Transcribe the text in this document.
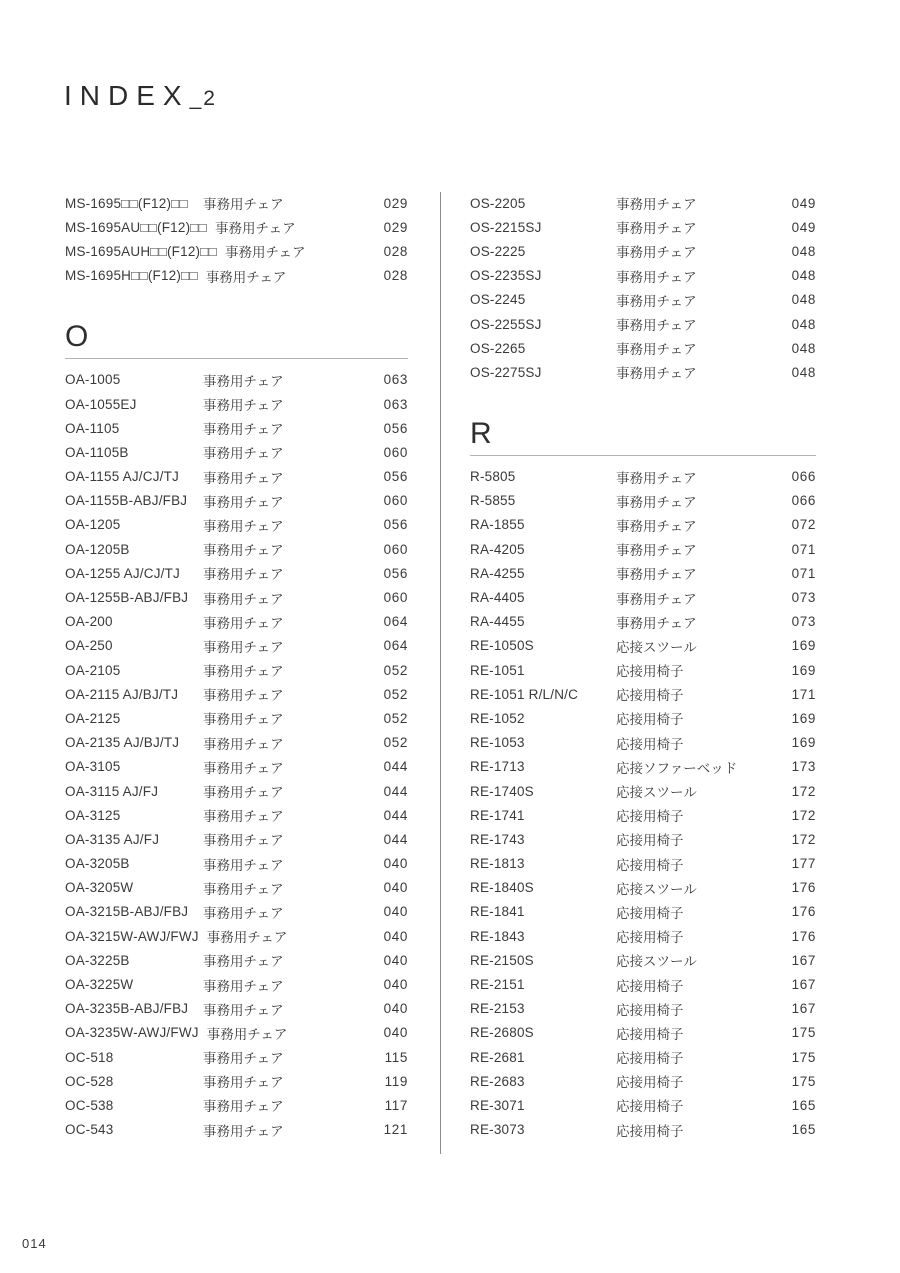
INDEX_2
MS-1695□□(F12)□□	事務用チェア	029
MS-1695AU□□(F12)□□ 事務用チェア	029
MS-1695AUH□□(F12)□□ 事務用チェア	028
MS-1695H□□(F12)□□ 事務用チェア	028
O
OA-1005	事務用チェア	063
OA-1055EJ	事務用チェア	063
OA-1105	事務用チェア	056
OA-1105B	事務用チェア	060
OA-1155 AJ/CJ/TJ	事務用チェア	056
OA-1155B-ABJ/FBJ	事務用チェア	060
OA-1205	事務用チェア	056
OA-1205B	事務用チェア	060
OA-1255 AJ/CJ/TJ	事務用チェア	056
OA-1255B-ABJ/FBJ	事務用チェア	060
OA-200	事務用チェア	064
OA-250	事務用チェア	064
OA-2105	事務用チェア	052
OA-2115 AJ/BJ/TJ	事務用チェア	052
OA-2125	事務用チェア	052
OA-2135 AJ/BJ/TJ	事務用チェア	052
OA-3105	事務用チェア	044
OA-3115 AJ/FJ	事務用チェア	044
OA-3125	事務用チェア	044
OA-3135 AJ/FJ	事務用チェア	044
OA-3205B	事務用チェア	040
OA-3205W	事務用チェア	040
OA-3215B-ABJ/FBJ	事務用チェア	040
OA-3215W-AWJ/FWJ 事務用チェア	040
OA-3225B	事務用チェア	040
OA-3225W	事務用チェア	040
OA-3235B-ABJ/FBJ	事務用チェア	040
OA-3235W-AWJ/FWJ 事務用チェア	040
OC-518	事務用チェア	115
OC-528	事務用チェア	119
OC-538	事務用チェア	117
OC-543	事務用チェア	121
OS-2205	事務用チェア	049
OS-2215SJ	事務用チェア	049
OS-2225	事務用チェア	048
OS-2235SJ	事務用チェア	048
OS-2245	事務用チェア	048
OS-2255SJ	事務用チェア	048
OS-2265	事務用チェア	048
OS-2275SJ	事務用チェア	048
R
R-5805	事務用チェア	066
R-5855	事務用チェア	066
RA-1855	事務用チェア	072
RA-4205	事務用チェア	071
RA-4255	事務用チェア	071
RA-4405	事務用チェア	073
RA-4455	事務用チェア	073
RE-1050S	応接スツール	169
RE-1051	応接用椅子	169
RE-1051 R/L/N/C	応接用椅子	171
RE-1052	応接用椅子	169
RE-1053	応接用椅子	169
RE-1713	応接ソファーベッド	173
RE-1740S	応接スツール	172
RE-1741	応接用椅子	172
RE-1743	応接用椅子	172
RE-1813	応接用椅子	177
RE-1840S	応接スツール	176
RE-1841	応接用椅子	176
RE-1843	応接用椅子	176
RE-2150S	応接スツール	167
RE-2151	応接用椅子	167
RE-2153	応接用椅子	167
RE-2680S	応接用椅子	175
RE-2681	応接用椅子	175
RE-2683	応接用椅子	175
RE-3071	応接用椅子	165
RE-3073	応接用椅子	165
014
